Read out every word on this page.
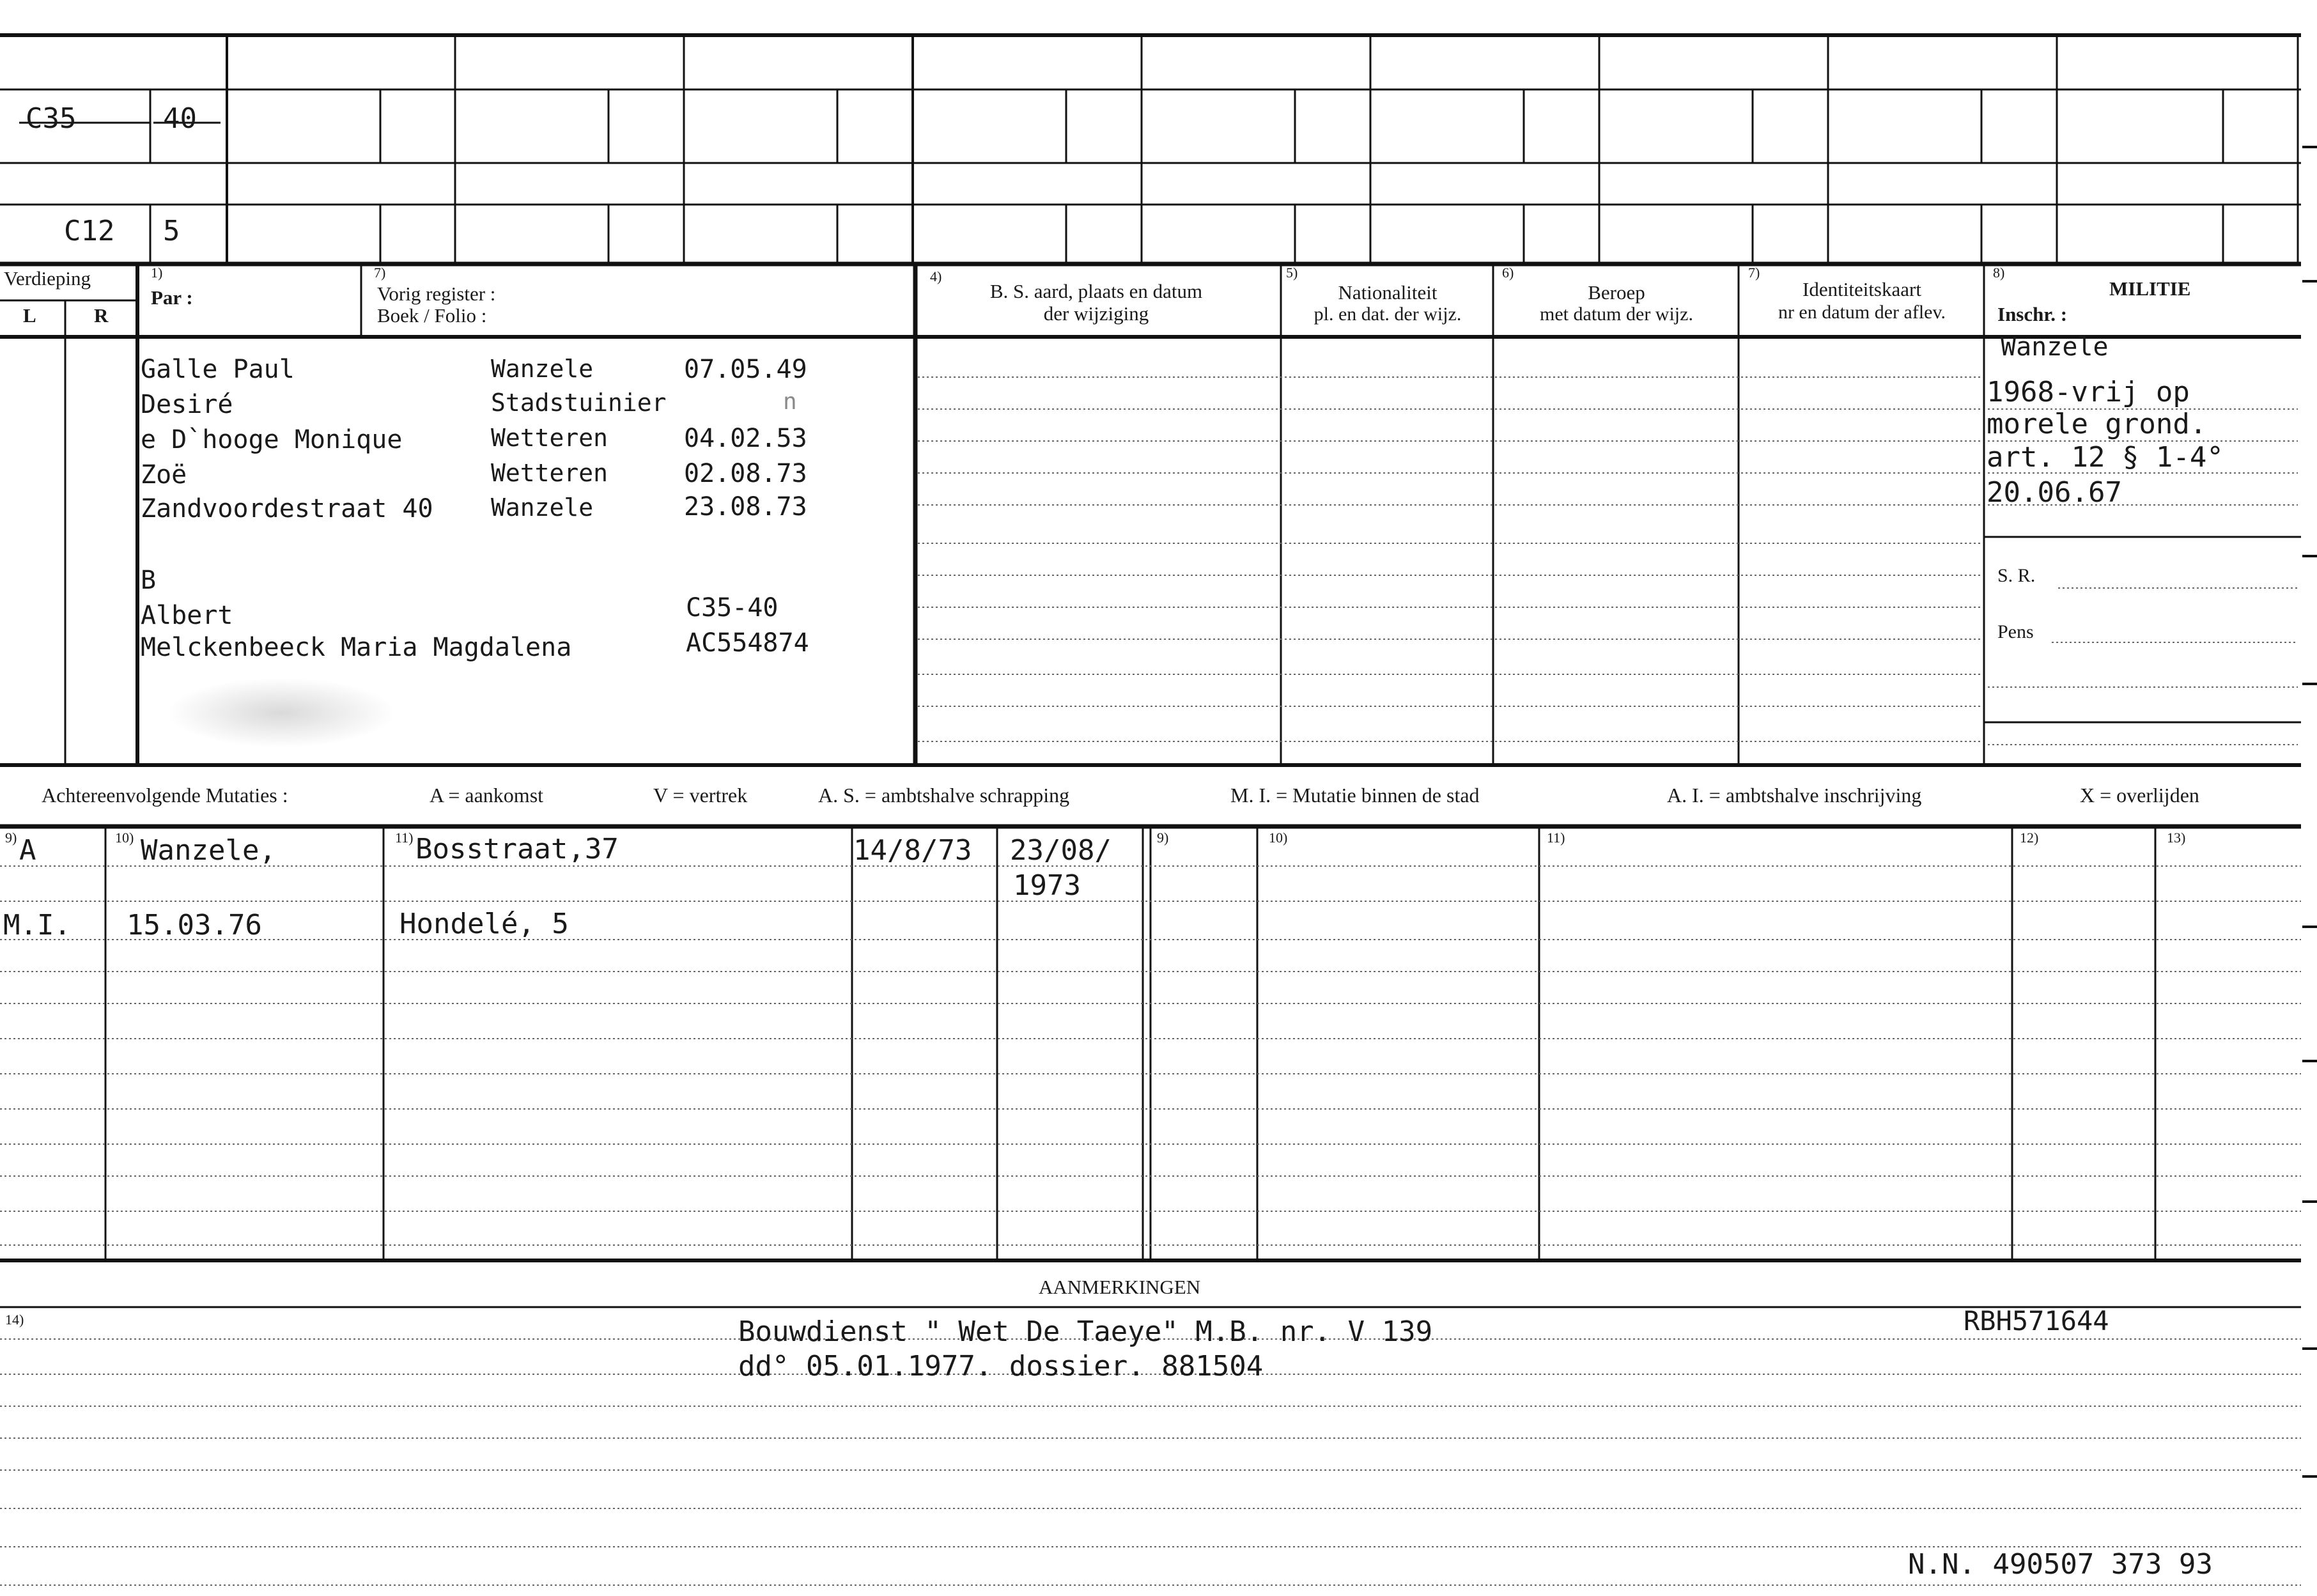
C35	40
C12 5
Verdieping
L	R
1)
Par :
7)
Vorig register :
Boek / Folio :
4)
B. S. aard, plaats en datum
der wijziging
5)
Nationaliteit
pl. en dat. der wijz.
6)
Beroep
met datum der wijz.
7)
Identiteitskaart
nr en datum der aflev.
8)
MILITIE
Inschr. :
Galle Paul	Wanzele	07.05.49
Desiré	Stadstuinier	n
e D`hooge Monique	Wetteren	04.02.53
Zoë	Wetteren	02.08.73
Zandvoordestraat 40 Wanzele	23.08.73
B
Albert	C35-40
Melckenbeeck Maria Magdalena	AC554874
Wanzele
1968-vrij op
morele grond.
art. 12 § 1-4°
20.06.67
S. R.
Pens
Achtereenvolgende Mutaties :	A = aankomst	V = vertrek	A. S. = ambtshalve schrapping	M. I. = Mutatie binnen de stad	A. I. = ambtshalve inschrijving	X = overlijden
9)	10)	11)	9)	10)	11)	12)	13)
A	Wanzele,	Bosstraat,37	14/8/73 23/08/
1973
M.I. 15.03.76	Hondelé, 5
AANMERKINGEN
14)	Bouwdienst " Wet De Taeye" M.B. nr. V 139
dd° 05.01.1977. dossier. 881504
RBH571644
N.N. 490507 373 93
